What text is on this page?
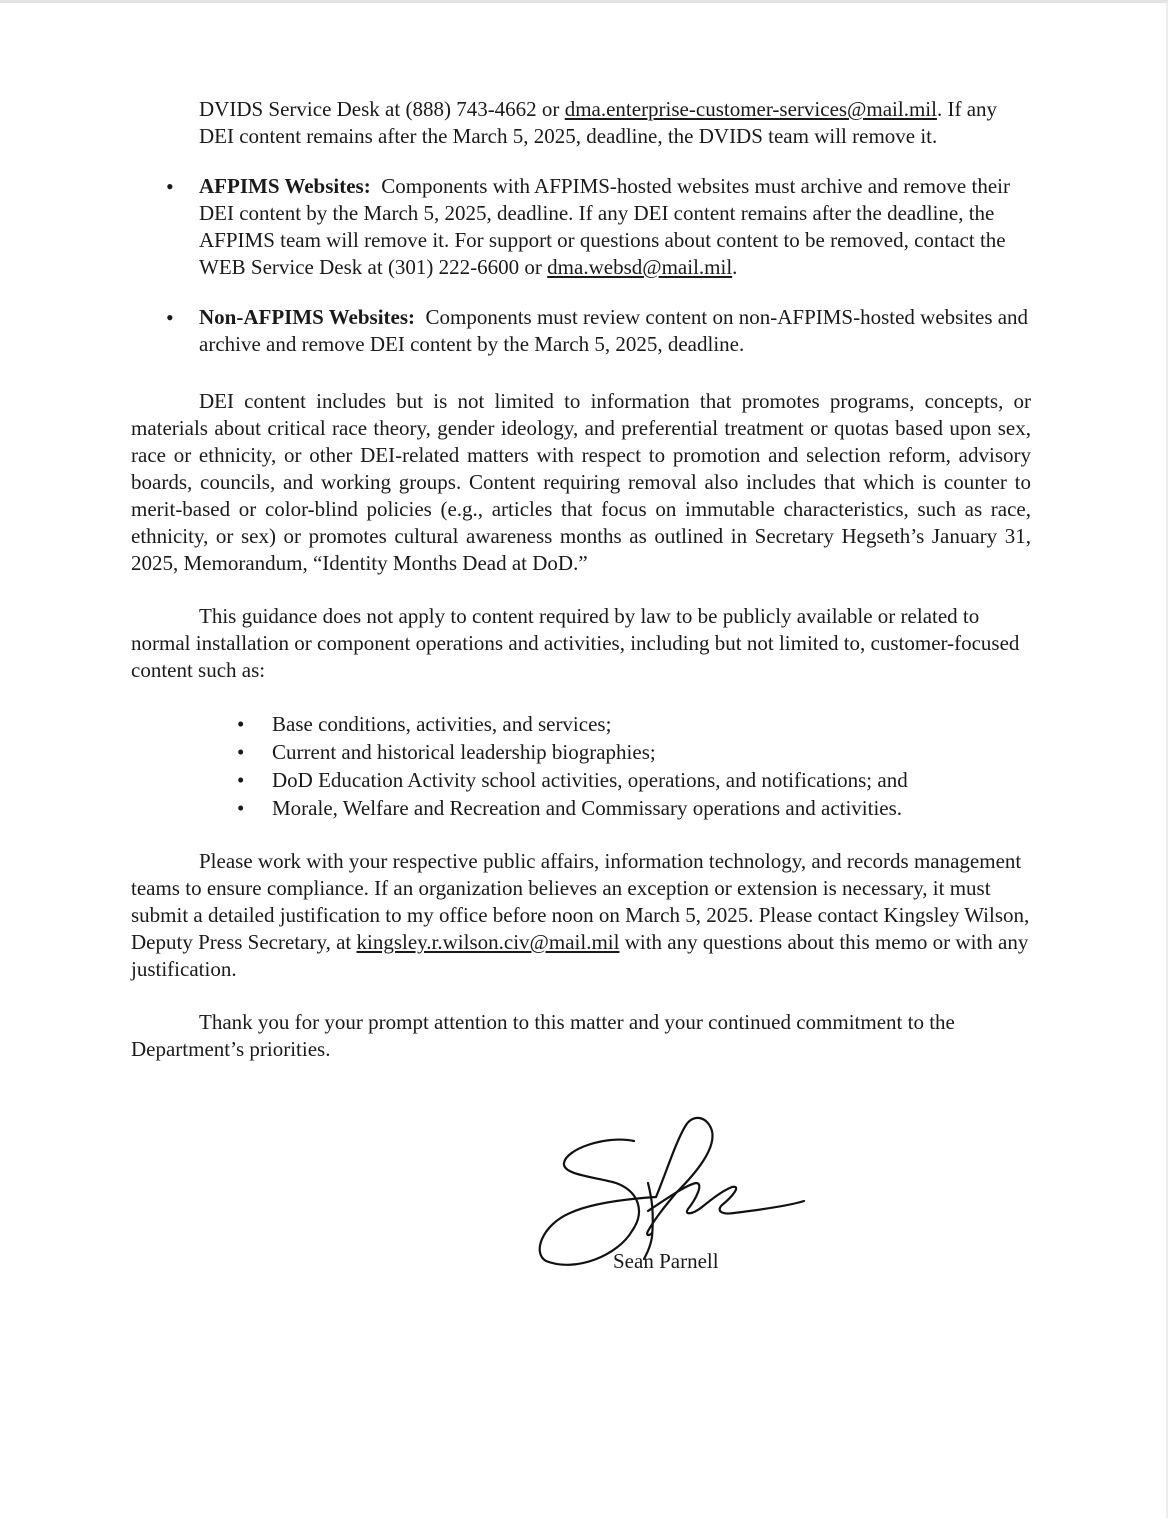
DVIDS Service Desk at (888) 743-4662 or dma.enterprise-customer-services@mail.mil. If any DEI content remains after the March 5, 2025, deadline, the DVIDS team will remove it.

• AFPIMS Websites: Components with AFPIMS-hosted websites must archive and remove their DEI content by the March 5, 2025, deadline. If any DEI content remains after the deadline, the AFPIMS team will remove it. For support or questions about content to be removed, contact the WEB Service Desk at (301) 222-6600 or dma.websd@mail.mil.
• Non-AFPIMS Websites: Components must review content on non-AFPIMS-hosted websites and archive and remove DEI content by the March 5, 2025, deadline.

DEI content includes but is not limited to information that promotes programs, concepts, or materials about critical race theory, gender ideology, and preferential treatment or quotas based upon sex, race or ethnicity, or other DEI-related matters with respect to promotion and selection reform, advisory boards, councils, and working groups. Content requiring removal also includes that which is counter to merit-based or color-blind policies (e.g., articles that focus on immutable characteristics, such as race, ethnicity, or sex) or promotes cultural awareness months as outlined in Secretary Hegseth’s January 31, 2025, Memorandum, “Identity Months Dead at DoD.”

This guidance does not apply to content required by law to be publicly available or related to normal installation or component operations and activities, including but not limited to, customer-focused content such as:

• Base conditions, activities, and services;
• Current and historical leadership biographies;
• DoD Education Activity school activities, operations, and notifications; and
• Morale, Welfare and Recreation and Commissary operations and activities.

Please work with your respective public affairs, information technology, and records management teams to ensure compliance. If an organization believes an exception or extension is necessary, it must submit a detailed justification to my office before noon on March 5, 2025. Please contact Kingsley Wilson, Deputy Press Secretary, at kingsley.r.wilson.civ@mail.mil with any questions about this memo or with any justification.

Thank you for your prompt attention to this matter and your continued commitment to the Department’s priorities.

Sean Parnell
